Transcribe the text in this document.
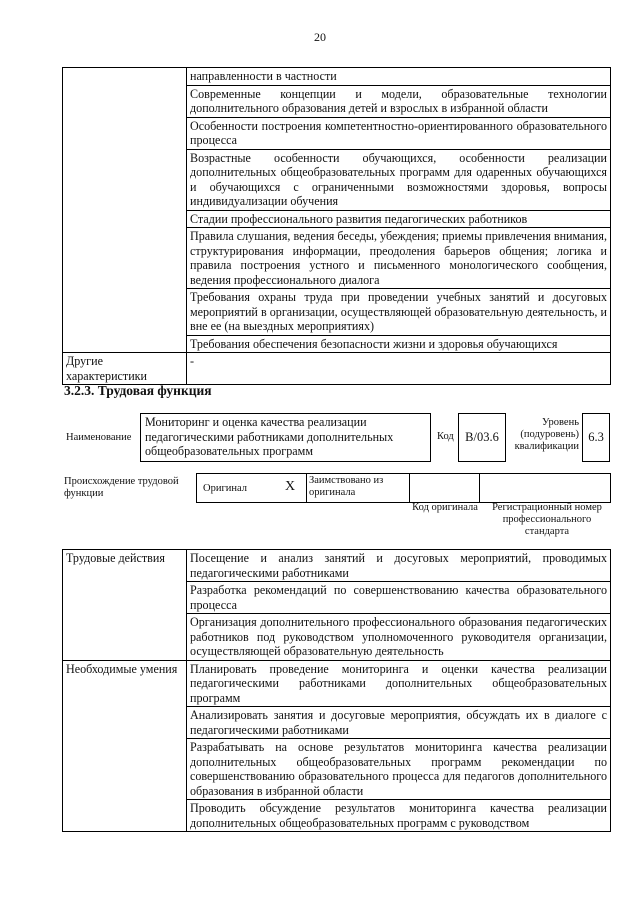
20
	направленности в частности
	Современные концепции и модели, образовательные технологии дополнительного образования детей и взрослых в избранной области
	Особенности построения компетентностно-ориентированного образовательного процесса
	Возрастные особенности обучающихся, особенности реализации дополнительных общеобразовательных программ для одаренных обучающихся и обучающихся с ограниченными возможностями здоровья, вопросы индивидуализации обучения
	Стадии профессионального развития педагогических работников
	Правила слушания, ведения беседы, убеждения; приемы привлечения внимания, структурирования информации, преодоления барьеров общения; логика и правила построения устного и письменного монологического сообщения, ведения профессионального диалога
	Требования охраны труда при проведении учебных занятий и досуговых мероприятий в организации, осуществляющей образовательную деятельность, и вне ее (на выездных мероприятиях)
	Требования обеспечения безопасности жизни и здоровья обучающихся
Другие характеристики	-
3.2.3. Трудовая функция
Наименование
Мониторинг и оценка качества реализации педагогическими работниками дополнительных общеобразовательных программ
Код B/03.6
Уровень (подуровень) квалификации
6.3
Происхождение трудовой функции	Оригинал	X Заимствовано из оригинала
Код оригинала	Регистрационный номер профессионального стандарта
Трудовые действия	Посещение и анализ занятий и досуговых мероприятий, проводимых педагогическими работниками
	Разработка рекомендаций по совершенствованию качества образовательного процесса
	Организация дополнительного профессионального образования педагогических работников под руководством уполномоченного руководителя организации, осуществляющей образовательную деятельность
Необходимые умения	Планировать проведение мониторинга и оценки качества реализации педагогическими работниками дополнительных общеобразовательных программ
	Анализировать занятия и досуговые мероприятия, обсуждать их в диалоге с педагогическими работниками
	Разрабатывать на основе результатов мониторинга качества реализации дополнительных общеобразовательных программ рекомендации по совершенствованию образовательного процесса для педагогов дополнительного образования в избранной области
	Проводить обсуждение результатов мониторинга качества реализации дополнительных общеобразовательных программ с руководством
